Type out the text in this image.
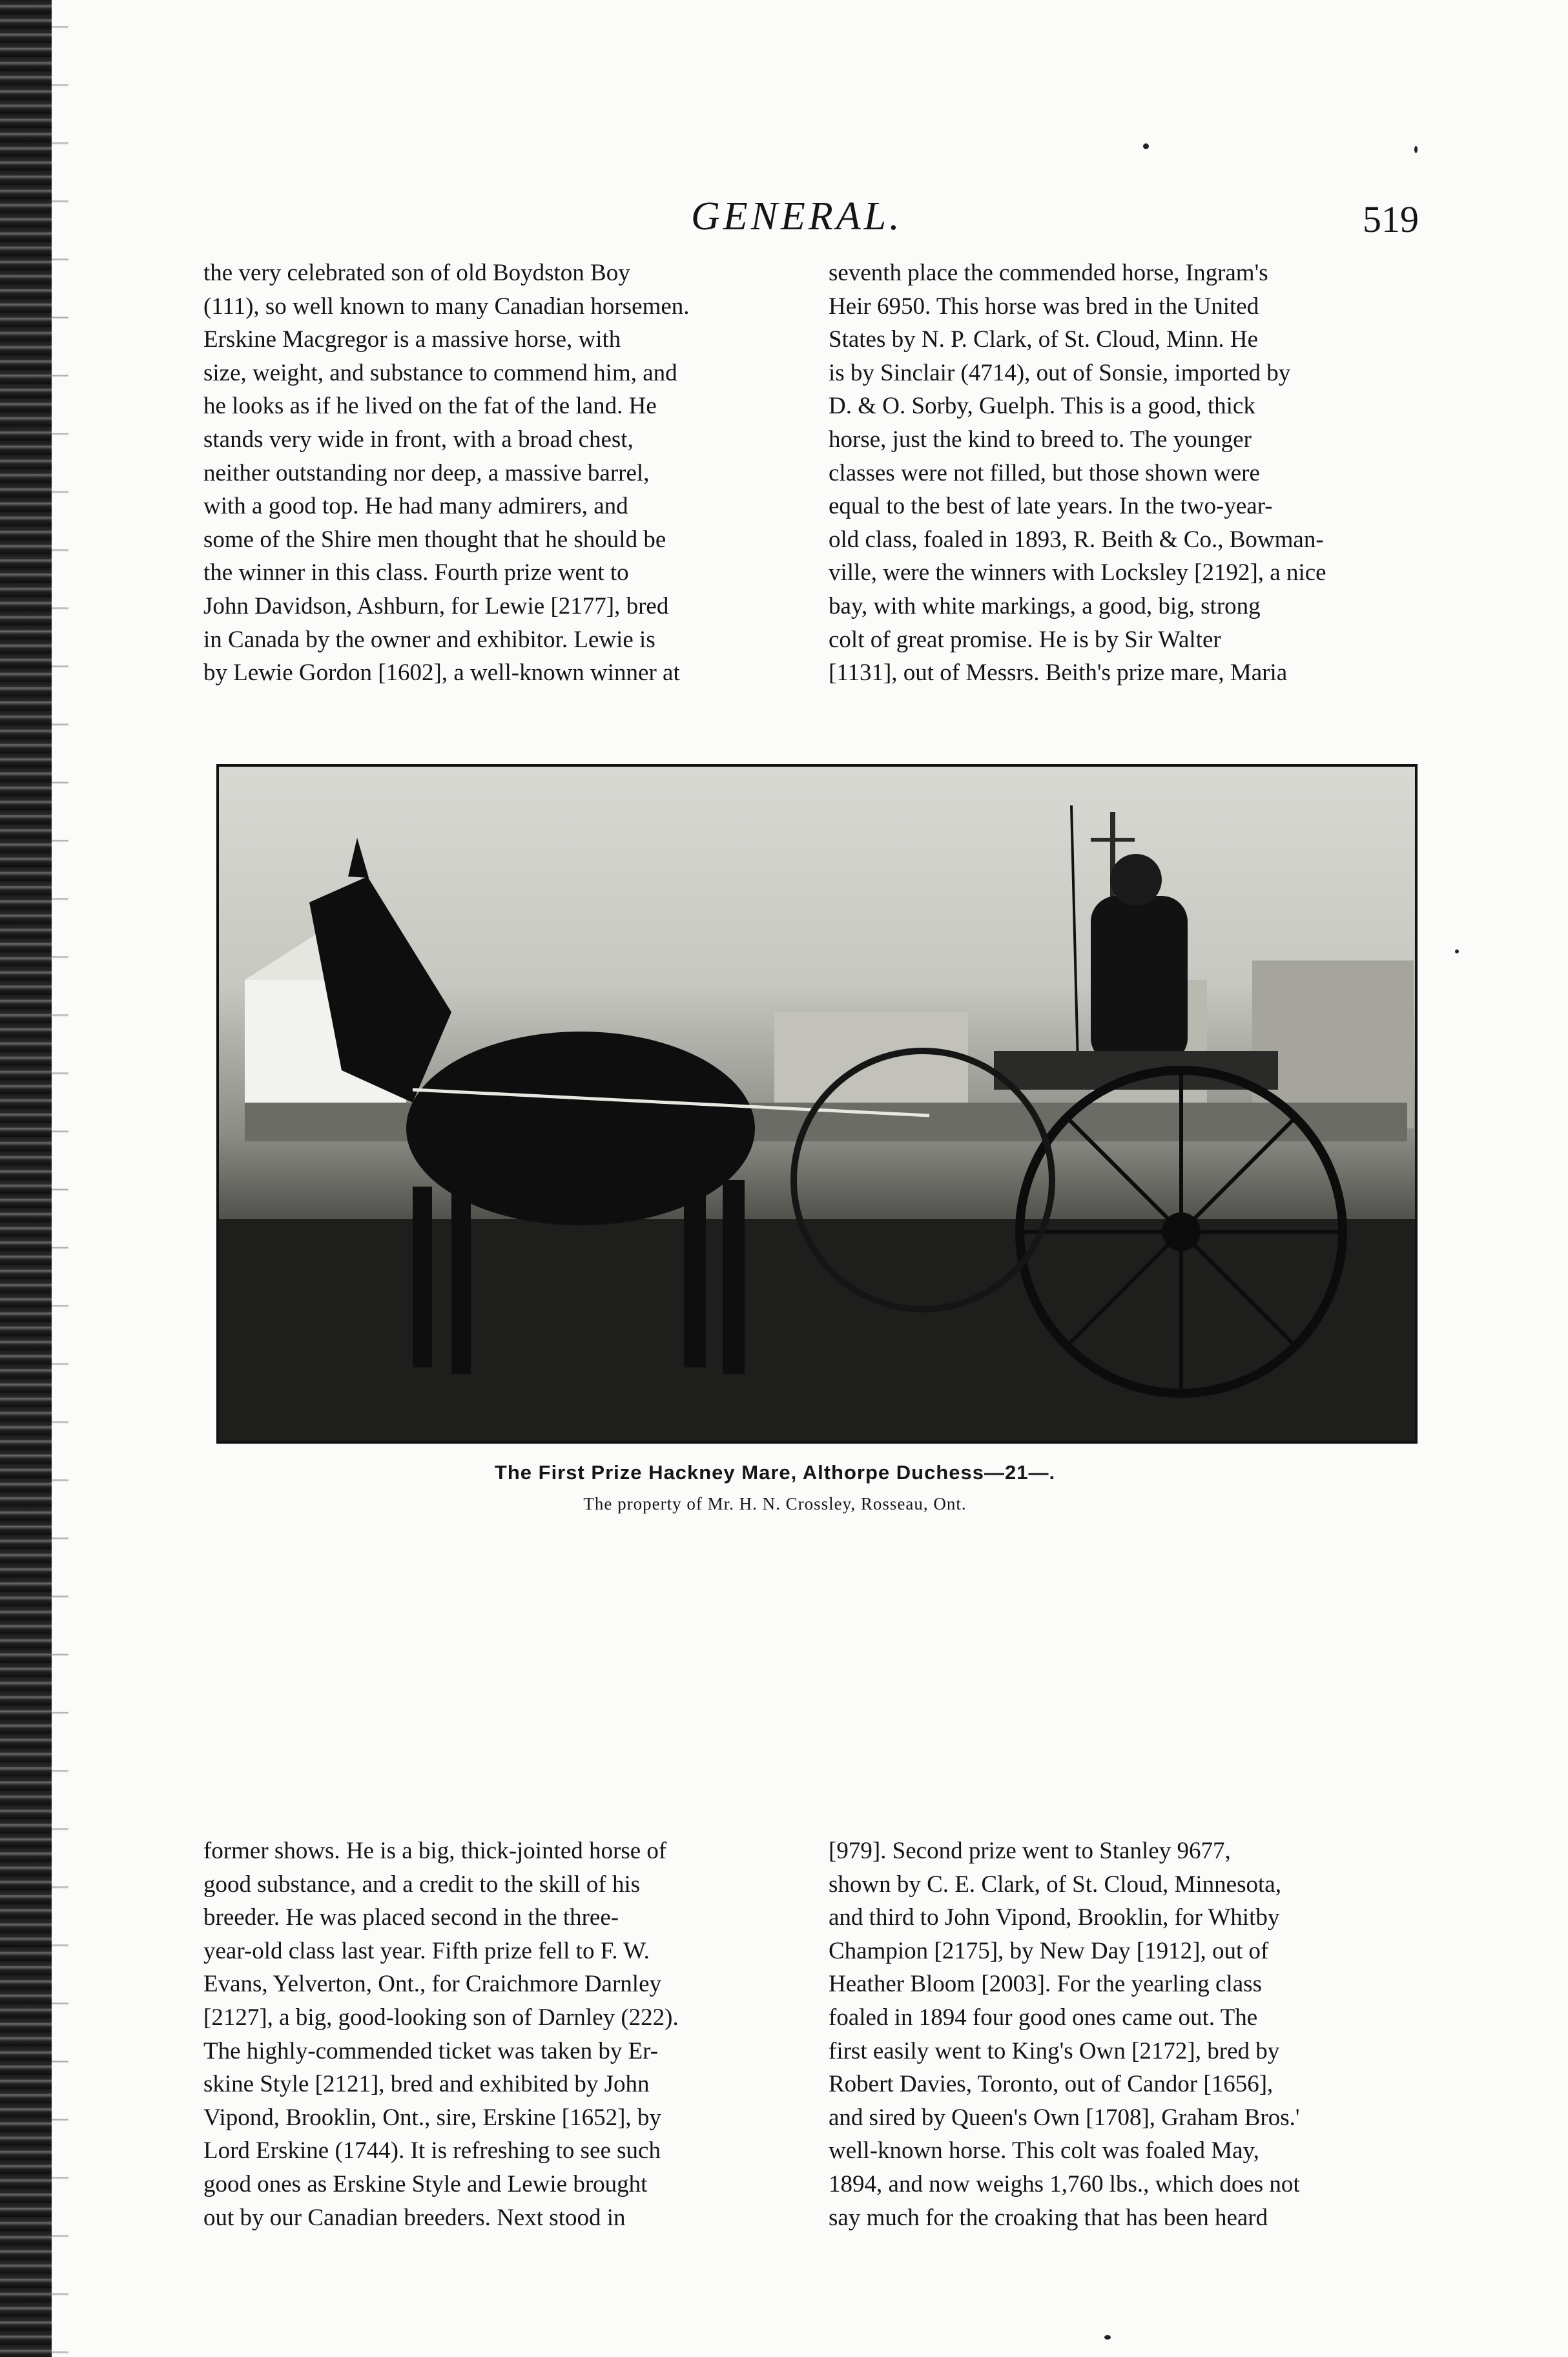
GENERAL.	519
the very celebrated son of old Boydston Boy
(111), so well known to many Canadian horsemen.
Erskine Macgregor is a massive horse, with
size, weight, and substance to commend him, and
he looks as if he lived on the fat of the land. He
stands very wide in front, with a broad chest,
neither outstanding nor deep, a massive barrel,
with a good top. He had many admirers, and
some of the Shire men thought that he should be
the winner in this class. Fourth prize went to
John Davidson, Ashburn, for Lewie [2177], bred
in Canada by the owner and exhibitor. Lewie is
by Lewie Gordon [1602], a well-known winner at
seventh place the commended horse, Ingram's
Heir 6950. This horse was bred in the United
States by N. P. Clark, of St. Cloud, Minn. He
is by Sinclair (4714), out of Sonsie, imported by
D. & O. Sorby, Guelph. This is a good, thick
horse, just the kind to breed to. The younger
classes were not filled, but those shown were
equal to the best of late years. In the two-year-
old class, foaled in 1893, R. Beith & Co., Bowman-
ville, were the winners with Locksley [2192], a nice
bay, with white markings, a good, big, strong
colt of great promise. He is by Sir Walter
[1131], out of Messrs. Beith's prize mare, Maria
The First Prize Hackney Mare, Althorpe Duchess—21—.
The property of Mr. H. N. Crossley, Rosseau, Ont.
former shows. He is a big, thick-jointed horse of
good substance, and a credit to the skill of his
breeder. He was placed second in the three-
year-old class last year. Fifth prize fell to F. W.
Evans, Yelverton, Ont., for Craichmore Darnley
[2127], a big, good-looking son of Darnley (222).
The highly-commended ticket was taken by Er-
skine Style [2121], bred and exhibited by John
Vipond, Brooklin, Ont., sire, Erskine [1652], by
Lord Erskine (1744). It is refreshing to see such
good ones as Erskine Style and Lewie brought
out by our Canadian breeders. Next stood in
[979]. Second prize went to Stanley 9677,
shown by C. E. Clark, of St. Cloud, Minnesota,
and third to John Vipond, Brooklin, for Whitby
Champion [2175], by New Day [1912], out of
Heather Bloom [2003]. For the yearling class
foaled in 1894 four good ones came out. The
first easily went to King's Own [2172], bred by
Robert Davies, Toronto, out of Candor [1656],
and sired by Queen's Own [1708], Graham Bros.'
well-known horse. This colt was foaled May,
1894, and now weighs 1,760 lbs., which does not
say much for the croaking that has been heard
